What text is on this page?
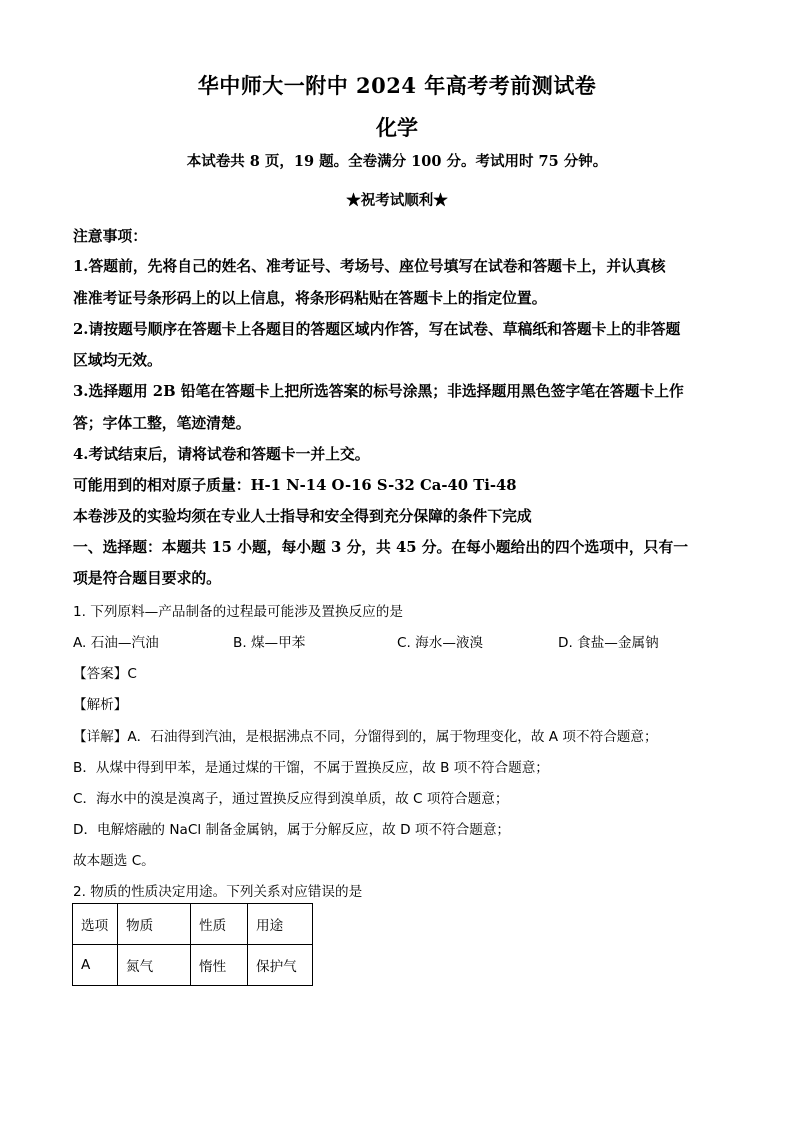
华中师大一附中 2024 年高考考前测试卷
化学
本试卷共 8 页，19 题。全卷满分 100 分。考试用时 75 分钟。
★祝考试顺利★
注意事项：
1.答题前，先将自己的姓名、准考证号、考场号、座位号填写在试卷和答题卡上，并认真核
准准考证号条形码上的以上信息，将条形码粘贴在答题卡上的指定位置。
2.请按题号顺序在答题卡上各题目的答题区域内作答，写在试卷、草稿纸和答题卡上的非答题
区域均无效。
3.选择题用 2B 铅笔在答题卡上把所选答案的标号涂黑；非选择题用黑色签字笔在答题卡上作
答；字体工整，笔迹清楚。
4.考试结束后，请将试卷和答题卡一并上交。
可能用到的相对原子质量：H-1 N-14 O-16 S-32 Ca-40 Ti-48
本卷涉及的实验均须在专业人士指导和安全得到充分保障的条件下完成
一、选择题：本题共 15 小题，每小题 3 分，共 45 分。在每小题给出的四个选项中，只有一
项是符合题目要求的。
1. 下列原料—产品制备的过程最可能涉及置换反应的是
A. 石油—汽油	B. 煤—甲苯	C. 海水—液溴	D. 食盐—金属钠
【答案】C
【解析】
【详解】A．石油得到汽油，是根据沸点不同，分馏得到的，属于物理变化，故 A 项不符合题意；
B．从煤中得到甲苯，是通过煤的干馏，不属于置换反应，故 B 项不符合题意；
C．海水中的溴是溴离子，通过置换反应得到溴单质，故 C 项符合题意；
D．电解熔融的 NaCl 制备金属钠，属于分解反应，故 D 项不符合题意；
故本题选 C。
2. 物质的性质决定用途。下列关系对应错误的是
选项	物质	性质	用途
A	氮气	惰性	保护气
